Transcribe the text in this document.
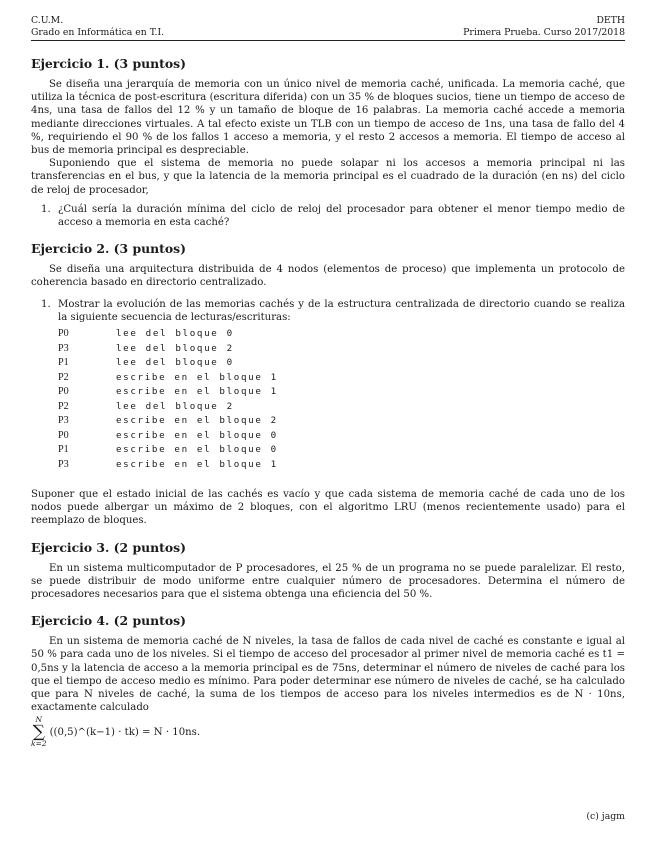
C.U.M.
Grado en Informática en T.I.
DETH
Primera Prueba. Curso 2017/2018
Ejercicio 1. (3 puntos)

Se diseña una jerarquía de memoria con un único nivel de memoria caché, unificada. La memoria caché, que utiliza la técnica de post-escritura (escritura diferida) con un 35 % de bloques sucios, tiene un tiempo de acceso de 4ns, una tasa de fallos del 12 % y un tamaño de bloque de 16 palabras. La memoria caché accede a memoria mediante direcciones virtuales. A tal efecto existe un TLB con un tiempo de acceso de 1ns, una tasa de fallo del 4 %, requiriendo el 90 % de los fallos 1 acceso a memoria, y el resto 2 accesos a memoria. El tiempo de acceso al bus de memoria principal es despreciable.

Suponiendo que el sistema de memoria no puede solapar ni los accesos a memoria principal ni las transferencias en el bus, y que la latencia de la memoria principal es el cuadrado de la duración (en ns) del ciclo de reloj de procesador,

1. ¿Cuál sería la duración mínima del ciclo de reloj del procesador para obtener el menor tiempo medio de acceso a memoria en esta caché?
Ejercicio 2. (3 puntos)

Se diseña una arquitectura distribuida de 4 nodos (elementos de proceso) que implementa un protocolo de coherencia basado en directorio centralizado.

1. Mostrar la evolución de las memorias cachés y de la estructura centralizada de directorio cuando se realiza la siguiente secuencia de lecturas/escrituras:
P0	lee del bloque 0
P3	lee del bloque 2
P1	lee del bloque 0
P2	escribe en el bloque 1
P0	escribe en el bloque 1
P2	lee del bloque 2
P3	escribe en el bloque 2
P0	escribe en el bloque 0
P1	escribe en el bloque 0
P3	escribe en el bloque 1

Suponer que el estado inicial de las cachés es vacío y que cada sistema de memoria caché de cada uno de los nodos puede albergar un máximo de 2 bloques, con el algoritmo LRU (menos recientemente usado) para el reemplazo de bloques.

Ejercicio 3. (2 puntos)

En un sistema multicomputador de P procesadores, el 25 % de un programa no se puede paralelizar. El resto, se puede distribuir de modo uniforme entre cualquier número de procesadores. Determina el número de procesadores necesarios para que el sistema obtenga una eficiencia del 50 %.

Ejercicio 4. (2 puntos)

En un sistema de memoria caché de N niveles, la tasa de fallos de cada nivel de caché es constante e igual al 50 % para cada uno de los niveles. Si el tiempo de acceso del procesador al primer nivel de memoria caché es t1 = 0,5ns y la latencia de acceso a la memoria principal es de 75ns, determinar el número de niveles de caché para los que el tiempo de acceso medio es mínimo. Para poder determinar ese número de niveles de caché, se ha calculado que para N niveles de caché, la suma de los tiempos de acceso para los niveles intermedios es de N · 10ns, exactamente calculado

N
∑
k=2
((0,5)^(k−1) · tk) = N · 10ns.
(c) jagm
